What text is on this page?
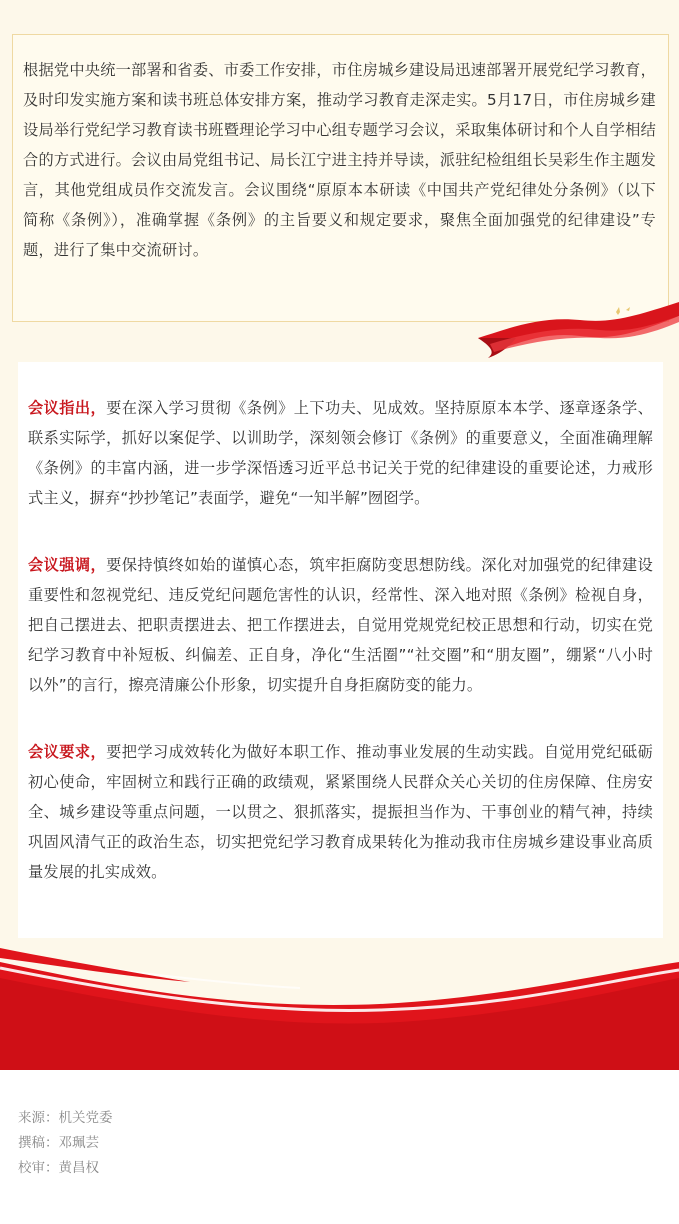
根据党中央统一部署和省委、市委工作安排，市住房城乡建设局迅速部署开展党纪学习教育，及时印发实施方案和读书班总体安排方案，推动学习教育走深走实。5月17日，市住房城乡建设局举行党纪学习教育读书班暨理论学习中心组专题学习会议，采取集体研讨和个人自学相结合的方式进行。会议由局党组书记、局长江宁进主持并导读，派驻纪检组组长吴彩生作主题发言，其他党组成员作交流发言。会议围绕“原原本本研读《中国共产党纪律处分条例》（以下简称《条例》），准确掌握《条例》的主旨要义和规定要求，聚焦全面加强党的纪律建设”专题，进行了集中交流研讨。

会议指出，要在深入学习贯彻《条例》上下功夫、见成效。坚持原原本本学、逐章逐条学、联系实际学，抓好以案促学、以训助学，深刻领会修订《条例》的重要意义，全面准确理解《条例》的丰富内涵，进一步学深悟透习近平总书记关于党的纪律建设的重要论述，力戒形式主义，摒弃“抄抄笔记”表面学，避免“一知半解”囫囵学。

会议强调，要保持慎终如始的谨慎心态，筑牢拒腐防变思想防线。深化对加强党的纪律建设重要性和忽视党纪、违反党纪问题危害性的认识，经常性、深入地对照《条例》检视自身，把自己摆进去、把职责摆进去、把工作摆进去，自觉用党规党纪校正思想和行动，切实在党纪学习教育中补短板、纠偏差、正自身，净化“生活圈”“社交圈”和“朋友圈”，绷紧“八小时以外”的言行，擦亮清廉公仆形象，切实提升自身拒腐防变的能力。

会议要求，要把学习成效转化为做好本职工作、推动事业发展的生动实践。自觉用党纪砥砺初心使命，牢固树立和践行正确的政绩观，紧紧围绕人民群众关心关切的住房保障、住房安全、城乡建设等重点问题，一以贯之、狠抓落实，提振担当作为、干事创业的精气神，持续巩固风清气正的政治生态，切实把党纪学习教育成果转化为推动我市住房城乡建设事业高质量发展的扎实成效。

来源：机关党委
撰稿：邓珮芸
校审：黄昌权
